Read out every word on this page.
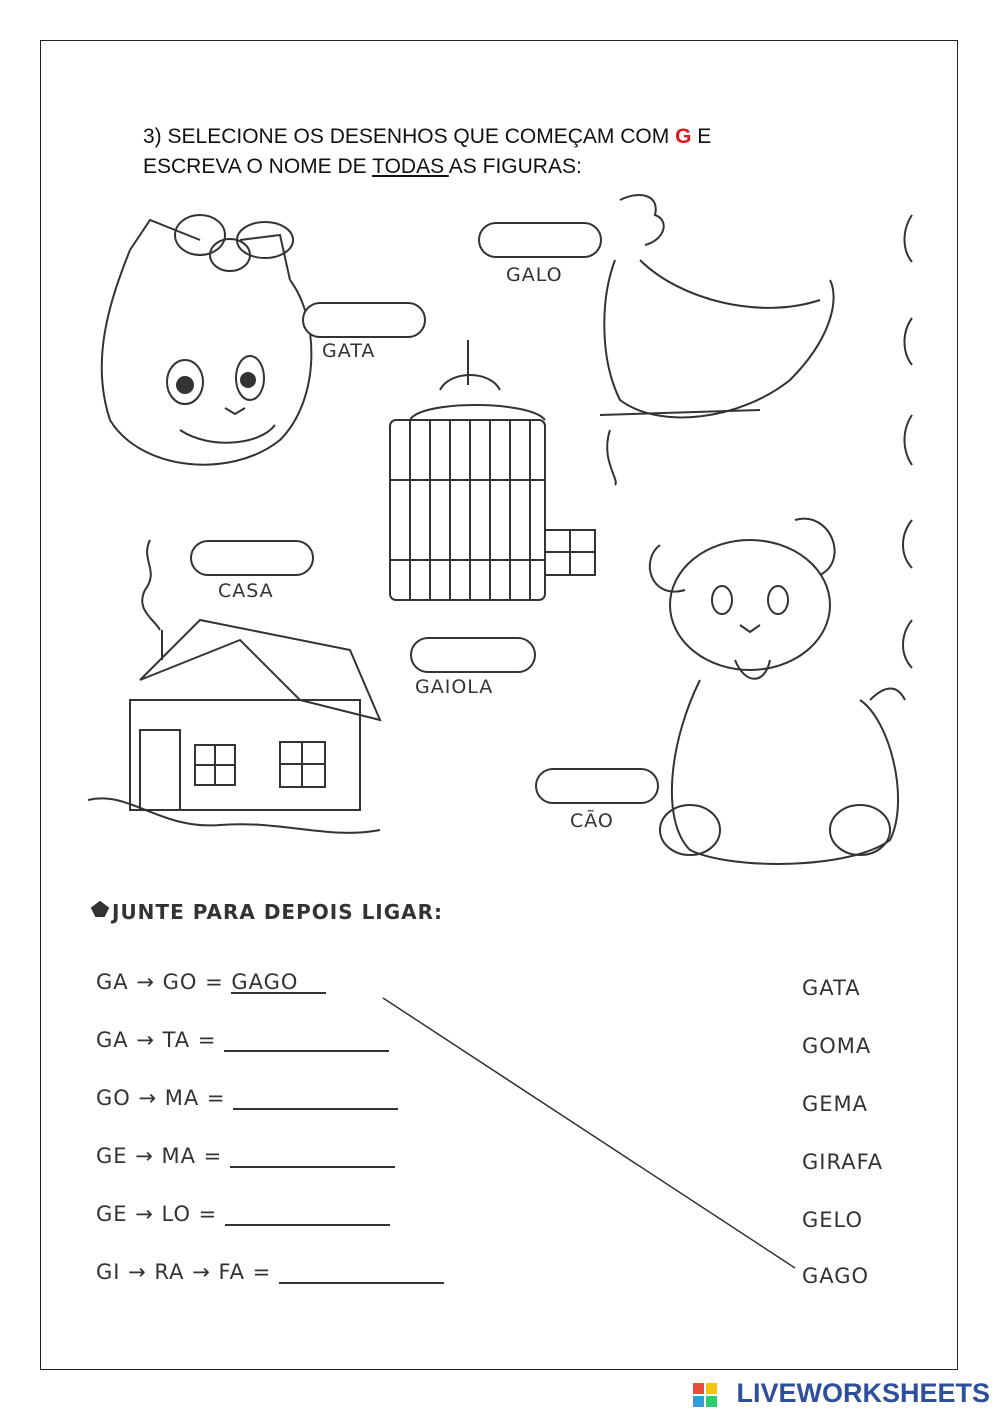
3) SELECIONE OS DESENHOS QUE COMEÇAM COM G E
ESCREVA O NOME DE TODAS AS FIGURAS:
GATA
GALO
CASA
GAIOLA
CÃO
JUNTE PARA DEPOIS LIGAR:
GA → GO = GAGO
GA → TA =
GO → MA =
GE → MA =
GE → LO =
GI → RA → FA =
GATA
GOMA
GEMA
GIRAFA
GELO
GAGO
LIVEWORKSHEETS
